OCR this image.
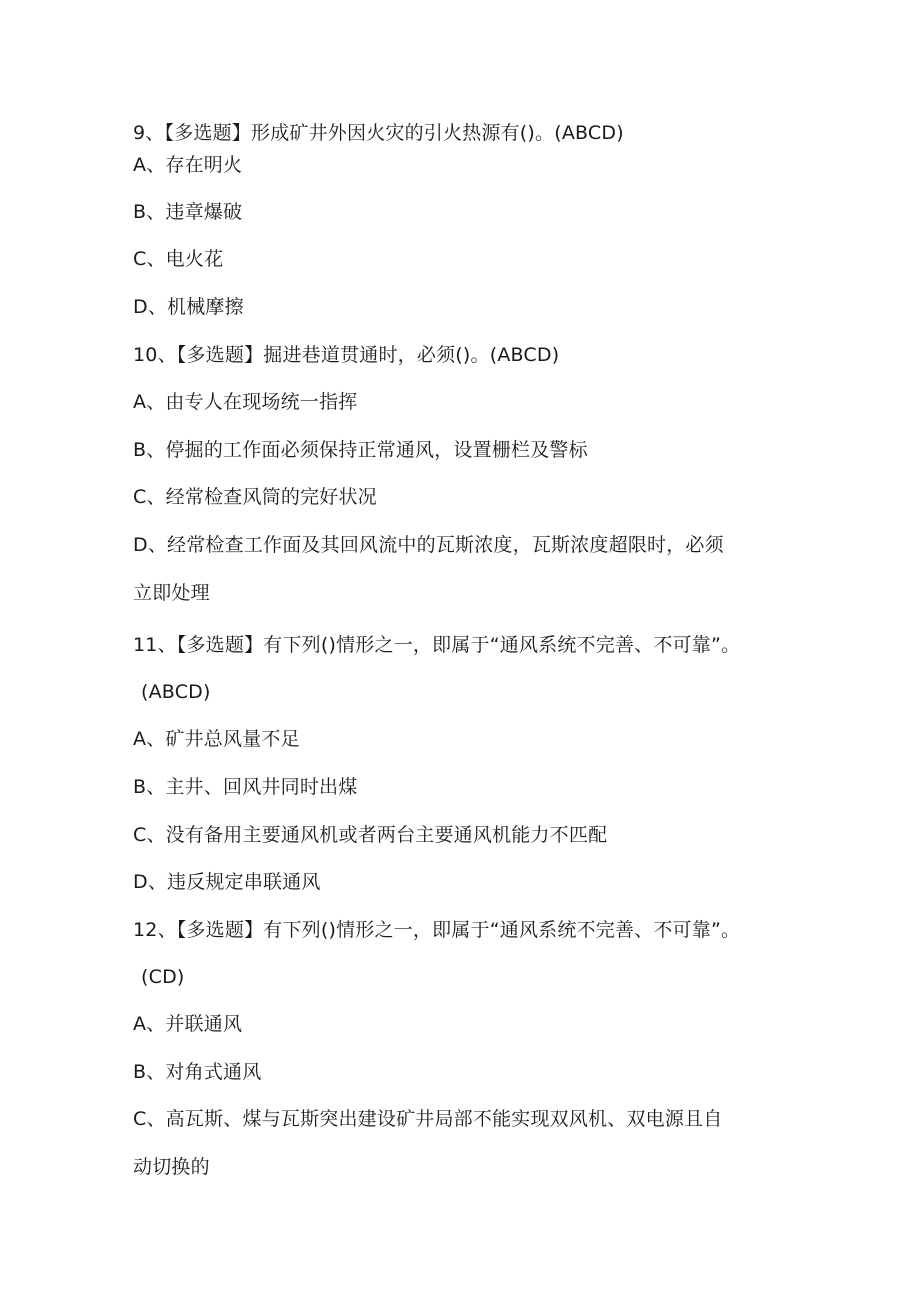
9、【多选题】形成矿井外因火灾的引火热源有()。(ABCD)
A、存在明火
B、违章爆破
C、电火花
D、机械摩擦
10、【多选题】掘进巷道贯通时，必须()。(ABCD)
A、由专人在现场统一指挥
B、停掘的工作面必须保持正常通风，设置栅栏及警标
C、经常检查风筒的完好状况
D、经常检查工作面及其回风流中的瓦斯浓度，瓦斯浓度超限时，必须
立即处理
11、【多选题】有下列()情形之一，即属于“通风系统不完善、不可靠”。
(ABCD)
A、矿井总风量不足
B、主井、回风井同时出煤
C、没有备用主要通风机或者两台主要通风机能力不匹配
D、违反规定串联通风
12、【多选题】有下列()情形之一，即属于“通风系统不完善、不可靠”。
(CD)
A、并联通风
B、对角式通风
C、高瓦斯、煤与瓦斯突出建设矿井局部不能实现双风机、双电源且自
动切换的
